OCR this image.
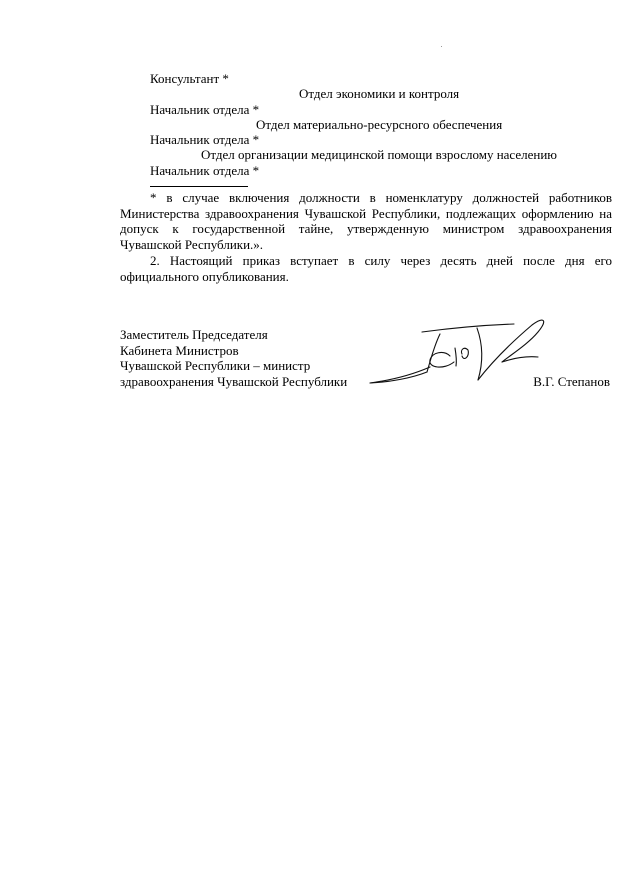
Консультант *
Отдел экономики и контроля
Начальник отдела *
Отдел материально-ресурсного обеспечения
Начальник отдела *
Отдел организации медицинской помощи взрослому населению
Начальник отдела *
* в случае включения должности в номенклатуру должностей работников
Министерства здравоохранения Чувашской Республики, подлежащих оформлению на
допуск к государственной тайне, утвержденную министром здравоохранения
Чувашской Республики.».
2. Настоящий приказ вступает в силу через десять дней после дня его
официального опубликования.
Заместитель Председателя
Кабинета Министров
Чувашской Республики – министр
здравоохранения Чувашской Республики	В.Г. Степанов
